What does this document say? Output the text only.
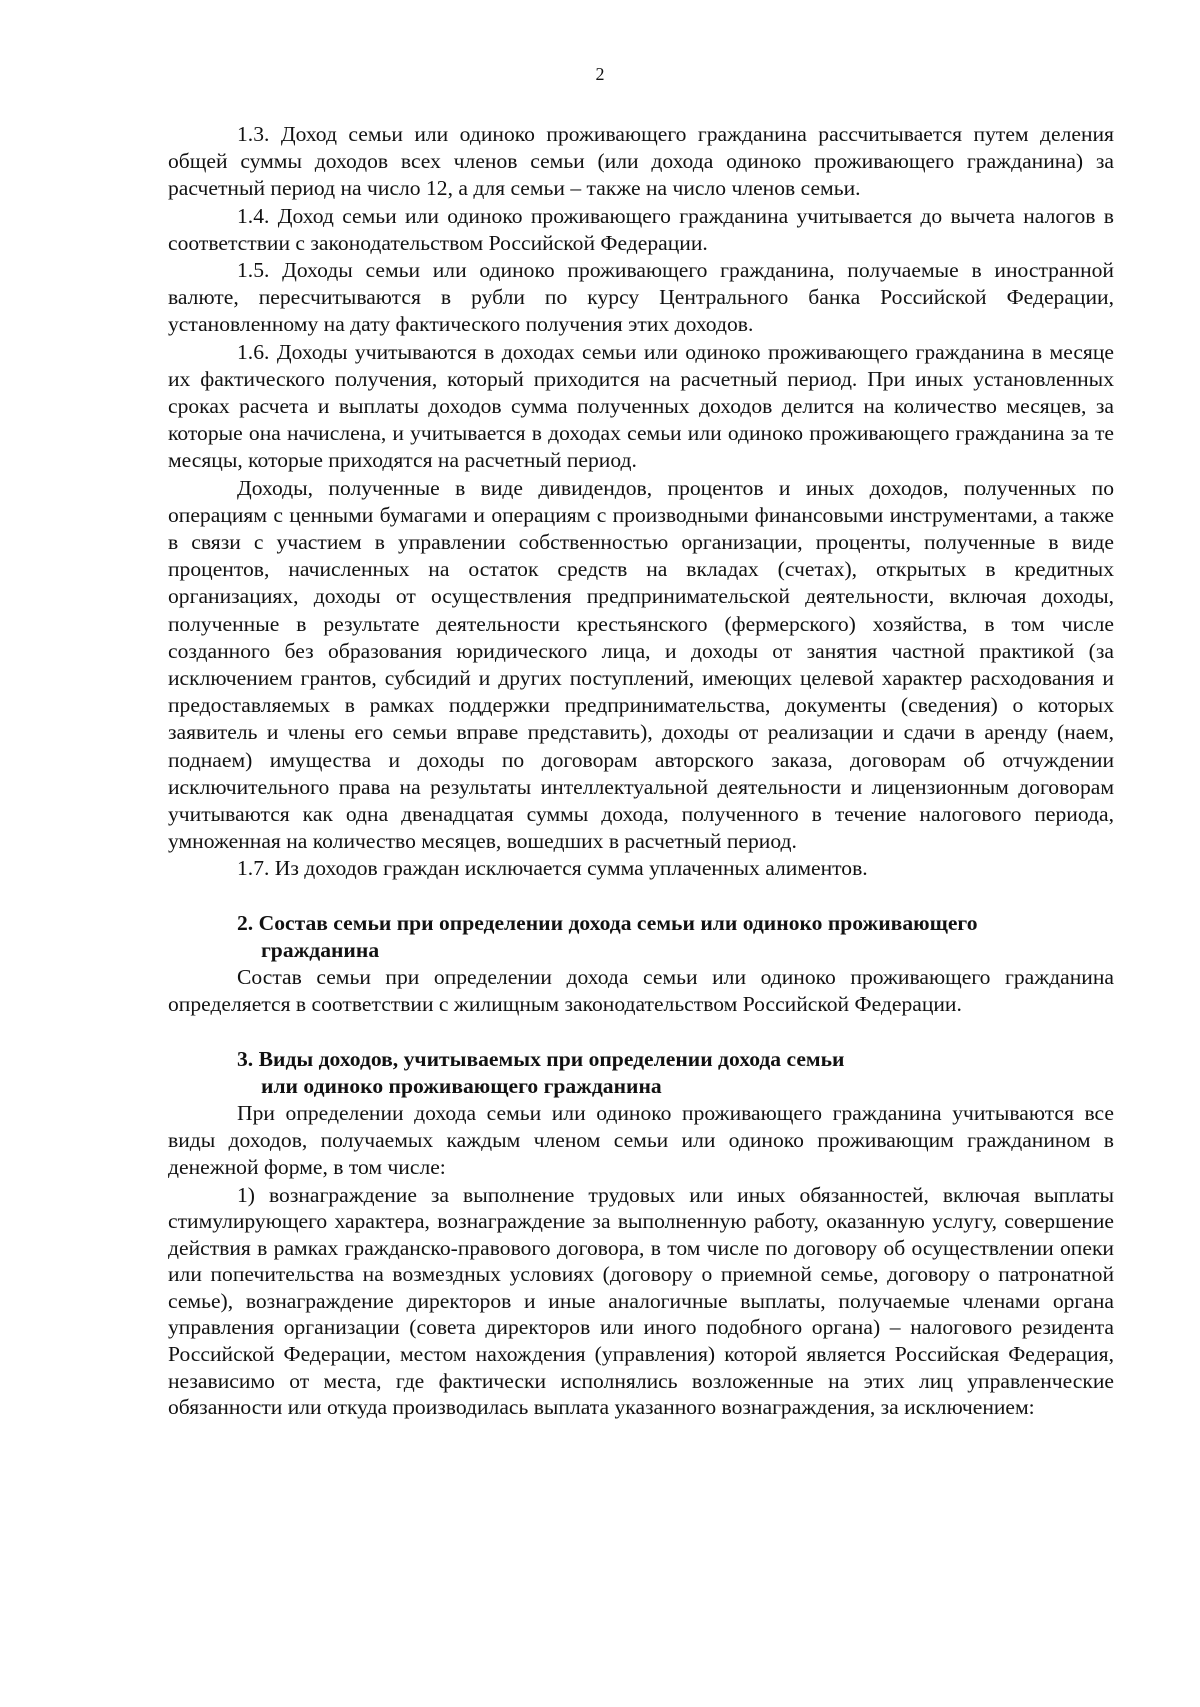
2

1.3. Доход семьи или одиноко проживающего гражданина рассчитывается путем деления общей суммы доходов всех членов семьи (или дохода одиноко проживающего гражданина) за расчетный период на число 12, а для семьи – также на число членов семьи.

1.4. Доход семьи или одиноко проживающего гражданина учитывается до вычета налогов в соответствии с законодательством Российской Федерации.

1.5. Доходы семьи или одиноко проживающего гражданина, получаемые в иностранной валюте, пересчитываются в рубли по курсу Центрального банка Российской Федерации, установленному на дату фактического получения этих доходов.

1.6. Доходы учитываются в доходах семьи или одиноко проживающего гражданина в месяце их фактического получения, который приходится на расчетный период. При иных установленных сроках расчета и выплаты доходов сумма полученных доходов делится на количество месяцев, за которые она начислена, и учитывается в доходах семьи или одиноко проживающего гражданина за те месяцы, которые приходятся на расчетный период.

Доходы, полученные в виде дивидендов, процентов и иных доходов, полученных по операциям с ценными бумагами и операциям с производными финансовыми инструментами, а также в связи с участием в управлении собственностью организации, проценты, полученные в виде процентов, начисленных на остаток средств на вкладах (счетах), открытых в кредитных организациях, доходы от осуществления предпринимательской деятельности, включая доходы, полученные в результате деятельности крестьянского (фермерского) хозяйства, в том числе созданного без образования юридического лица, и доходы от занятия частной практикой (за исключением грантов, субсидий и других поступлений, имеющих целевой характер расходования и предоставляемых в рамках поддержки предпринимательства, документы (сведения) о которых заявитель и члены его семьи вправе представить), доходы от реализации и сдачи в аренду (наем, поднаем) имущества и доходы по договорам авторского заказа, договорам об отчуждении исключительного права на результаты интеллектуальной деятельности и лицензионным договорам учитываются как одна двенадцатая суммы дохода, полученного в течение налогового периода, умноженная на количество месяцев, вошедших в расчетный период.

1.7. Из доходов граждан исключается сумма уплаченных алиментов.

2. Состав семьи при определении дохода семьи или одиноко проживающего
гражданина

Состав семьи при определении дохода семьи или одиноко проживающего гражданина определяется в соответствии с жилищным законодательством Российской Федерации.

3. Виды доходов, учитываемых при определении дохода семьи
или одиноко проживающего гражданина

При определении дохода семьи или одиноко проживающего гражданина учитываются все виды доходов, получаемых каждым членом семьи или одиноко проживающим гражданином в денежной форме, в том числе:

1) вознаграждение за выполнение трудовых или иных обязанностей, включая выплаты стимулирующего характера, вознаграждение за выполненную работу, оказанную услугу, совершение действия в рамках гражданско-правового договора, в том числе по договору об осуществлении опеки или попечительства на возмездных условиях (договору о приемной семье, договору о патронатной семье), вознаграждение директоров и иные аналогичные выплаты, получаемые членами органа управления организации (совета директоров или иного подобного органа) – налогового резидента Российской Федерации, местом нахождения (управления) которой является Российская Федерация, независимо от места, где фактически исполнялись возложенные на этих лиц управленческие обязанности или откуда производилась выплата указанного вознаграждения, за исключением:
